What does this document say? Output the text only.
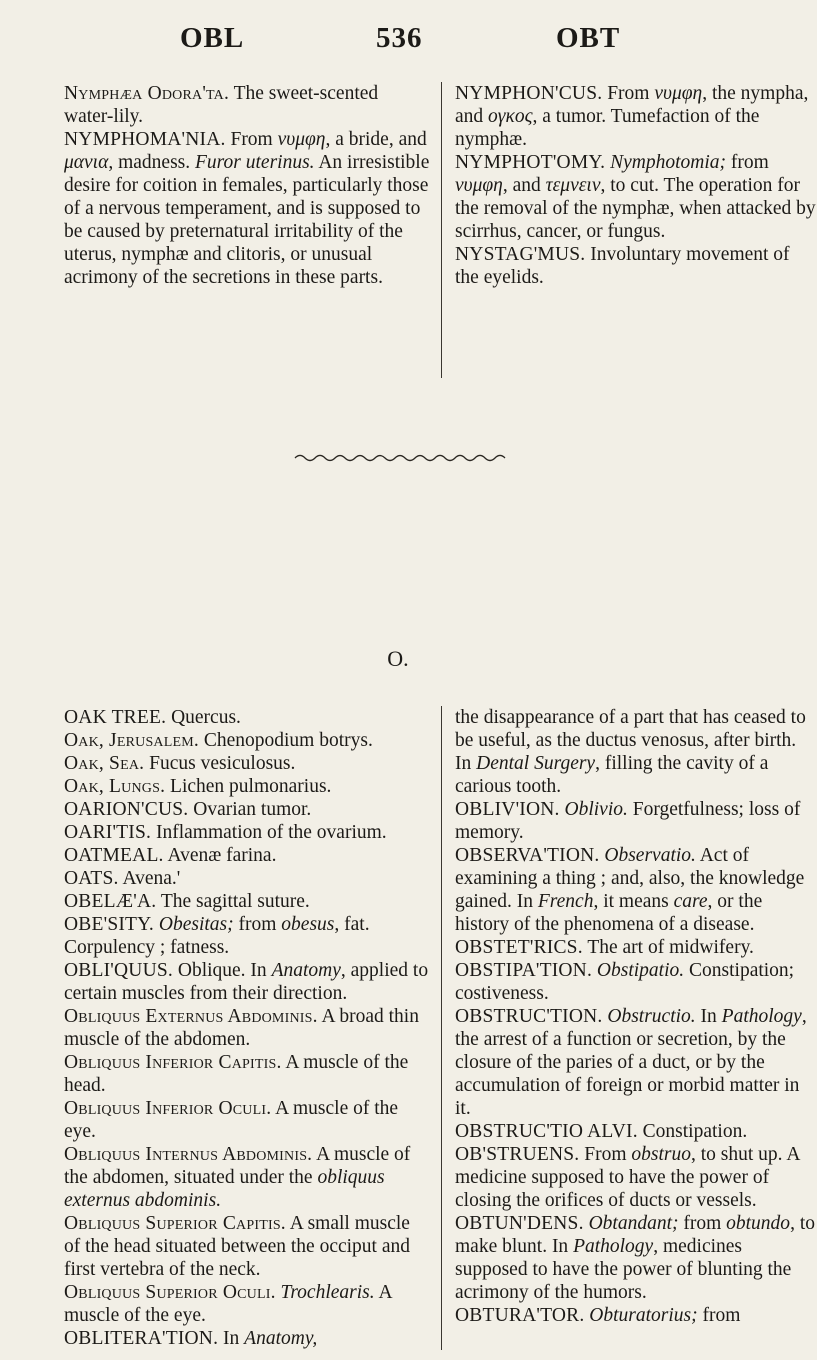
OBL	536	OBT

Nymphæa Odora'ta. The sweet-scented water-lily.

NYMPHOMA'NIA. From νυμφη, a bride, and μανια, madness. Furor uterinus. An irresistible desire for coition in females, particularly those of a nervous temperament, and is supposed to be caused by preternatural irritability of the uterus, nymphæ and clitoris, or unusual acrimony of the secretions in these parts.

NYMPHON'CUS. From νυμφη, the nympha, and ογκος, a tumor. Tumefaction of the nymphæ.

NYMPHOT'OMY. Nymphotomia; from νυμφη, and τεμνειν, to cut. The operation for the removal of the nymphæ, when attacked by scirrhus, cancer, or fungus.

NYSTAG'MUS. Involuntary movement of the eyelids.

O.

OAK TREE. Quercus.

Oak, Jerusalem. Chenopodium botrys.

Oak, Sea. Fucus vesiculosus.

Oak, Lungs. Lichen pulmonarius.

OARION'CUS. Ovarian tumor.

OARI'TIS. Inflammation of the ovarium.

OATMEAL. Avenæ farina.

OATS. Avena.'

OBELÆ'A. The sagittal suture.

OBE'SITY. Obesitas; from obesus, fat. Corpulency ; fatness.

OBLI'QUUS. Oblique. In Anatomy, applied to certain muscles from their direction.

Obliquus Externus Abdominis. A broad thin muscle of the abdomen.

Obliquus Inferior Capitis. A muscle of the head.

Obliquus Inferior Oculi. A muscle of the eye.

Obliquus Internus Abdominis. A muscle of the abdomen, situated under the obliquus externus abdominis.

Obliquus Superior Capitis. A small muscle of the head situated between the occiput and first vertebra of the neck.

Obliquus Superior Oculi. Trochlearis. A muscle of the eye.

OBLITERA'TION. In Anatomy,

the disappearance of a part that has ceased to be useful, as the ductus venosus, after birth. In Dental Surgery, filling the cavity of a carious tooth.

OBLIV'ION. Oblivio. Forgetfulness; loss of memory.

OBSERVA'TION. Observatio. Act of examining a thing ; and, also, the knowledge gained. In French, it means care, or the history of the phenomena of a disease.

OBSTET'RICS. The art of midwifery.

OBSTIPA'TION. Obstipatio. Constipation; costiveness.

OBSTRUC'TION. Obstructio. In Pathology, the arrest of a function or secretion, by the closure of the paries of a duct, or by the accumulation of foreign or morbid matter in it.

OBSTRUC'TIO ALVI. Constipation.

OB'STRUENS. From obstruo, to shut up. A medicine supposed to have the power of closing the orifices of ducts or vessels.

OBTUN'DENS. Obtandant; from obtundo, to make blunt. In Pathology, medicines supposed to have the power of blunting the acrimony of the humors.

OBTURA'TOR. Obturatorius; from
